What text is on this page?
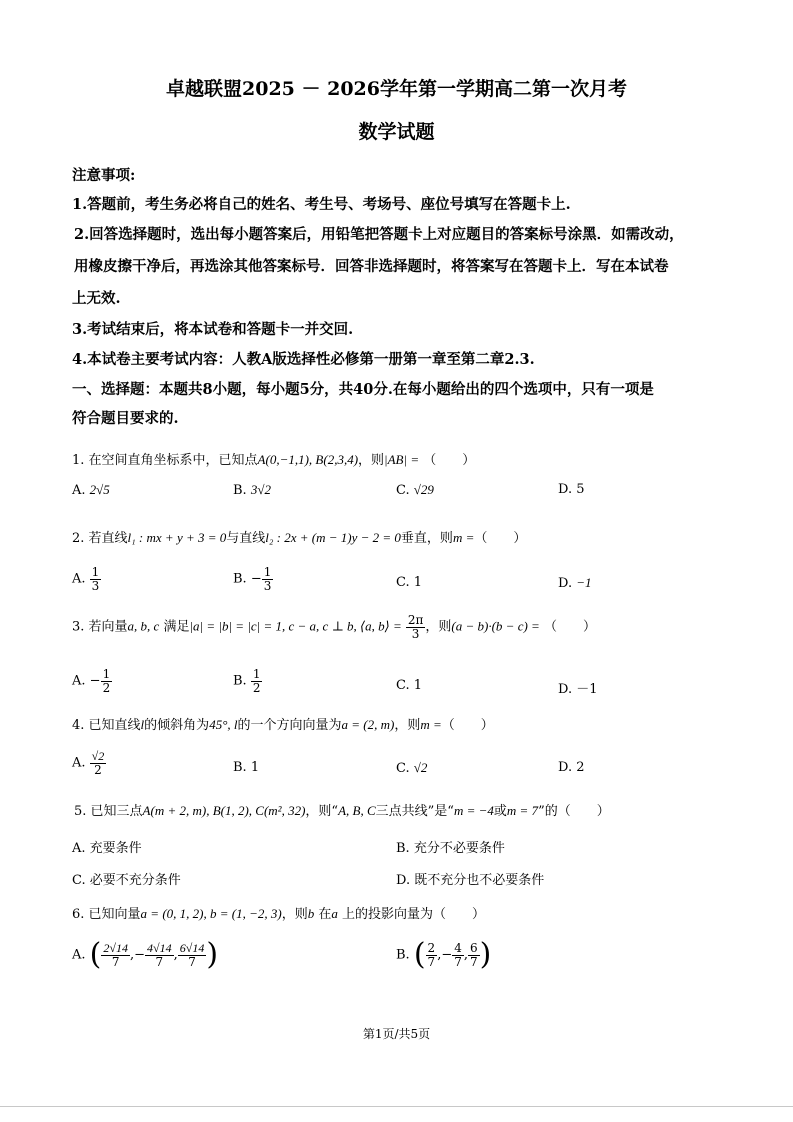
卓越联盟2025 － 2026学年第一学期高二第一次月考
数学试题
注意事项:
1.答题前，考生务必将自己的姓名、考生号、考场号、座位号填写在答题卡上.
2.回答选择题时，选出每小题答案后，用铅笔把答题卡上对应题目的答案标号涂黑．如需改动，
用橡皮擦干净后，再选涂其他答案标号．回答非选择题时，将答案写在答题卡上．写在本试卷
上无效.
3.考试结束后，将本试卷和答题卡一并交回.
4.本试卷主要考试内容：人教A版选择性必修第一册第一章至第二章2.3.
一、选择题：本题共8小题，每小题5分，共40分.在每小题给出的四个选项中，只有一项是
符合题目要求的.
1. 在空间直角坐标系中，已知点A(0,−1,1), B(2,3,4)，则|AB| = （　　）
A. 2√5	B. 3√2	C. √29	D. 5
2. 若直线l₁ : mx + y + 3 = 0与直线l₂ : 2x + (m − 1)y − 2 = 0垂直，则m =（　　）
A. $\frac{1}{3}$	B. − $\frac{1}{3}$	C. 1	D. −1
3. 若向量a, b, c 满足|a| = |b| = |c| = 1, c − a, c ⊥ b, ⟨a, b⟩ = $\frac{2\pi}{3}$ ，则(a − b)·(b − c) = （　　）
A. − $\frac{1}{2}$	B. $\frac{1}{2}$	C. 1	D. －1
4. 已知直线l的倾斜角为45°, l的一个方向向量为a = (2, m)，则m =（　　）
A. $\frac{√2}{2}$	B. 1	C. √2	D. 2
5. 已知三点A(m + 2, m), B(1, 2), C(m², 32)，则“A, B, C三点共线”是“m = −4或m = 7”的（　　）
A. 充要条件	B. 充分不必要条件
C. 必要不充分条件	D. 既不充分也不必要条件
6. 已知向量a = (0, 1, 2), b = (1, −2, 3)，则b 在a 上的投影向量为（　　）
A. ( $\frac{2√14}{7}$ ,− $\frac{4√14}{7}$ , $\frac{6√14}{7}$ )	B. ( $\frac{2}{7}$ ,− $\frac{4}{7}$ , $\frac{6}{7}$ )
第1页/共5页
